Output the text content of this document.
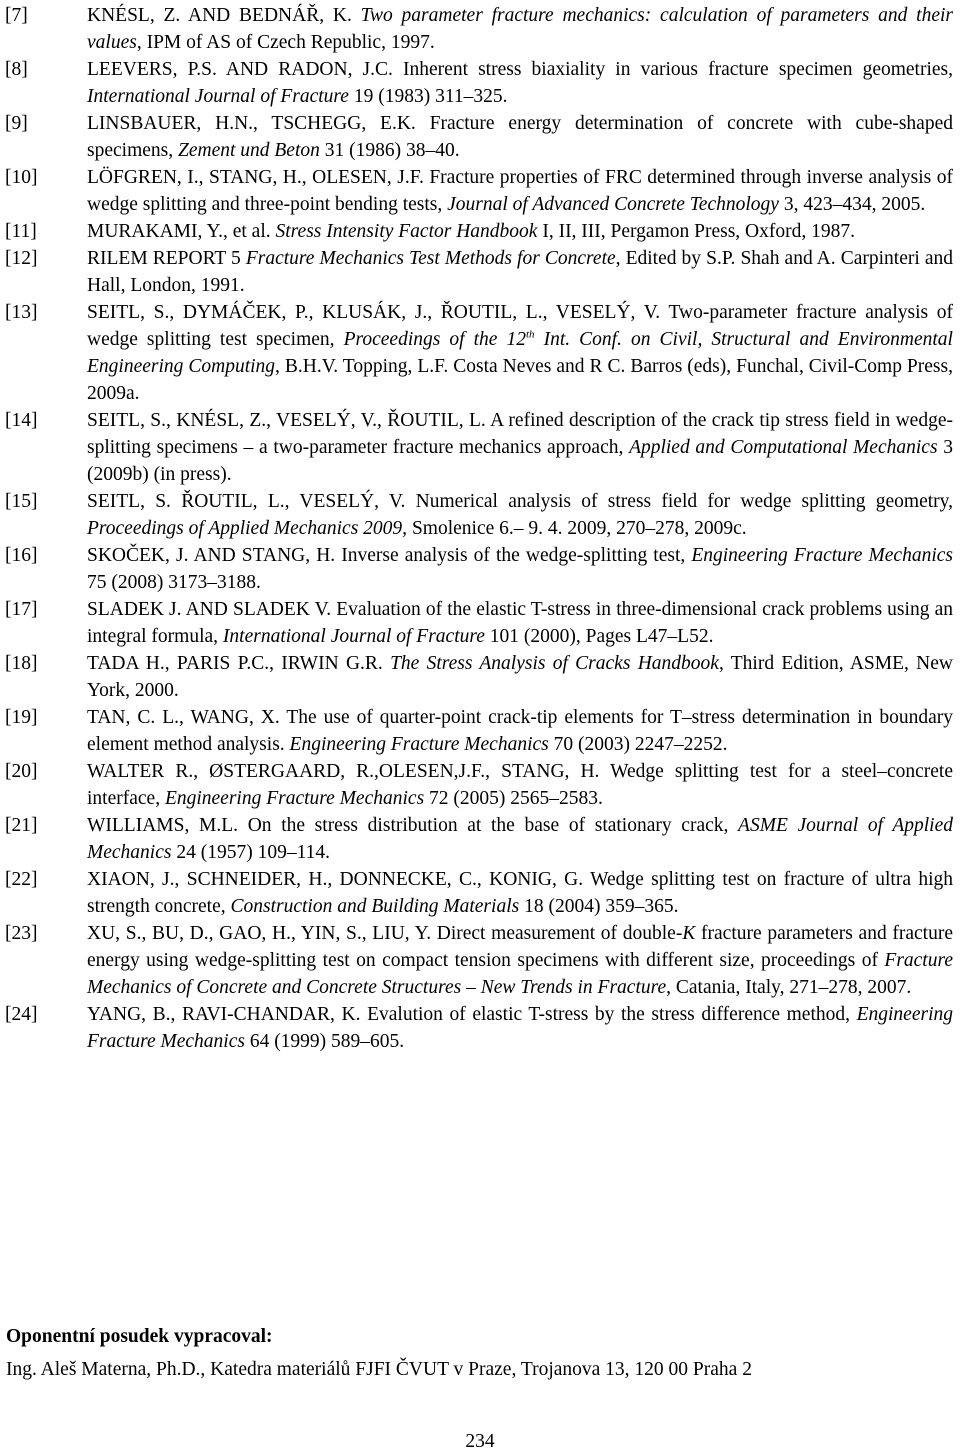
[7]	KNÉSL, Z. AND BEDNÁŘ, K. Two parameter fracture mechanics: calculation of parameters and their values, IPM of AS of Czech Republic, 1997.
[8]	LEEVERS, P.S. AND RADON, J.C. Inherent stress biaxiality in various fracture specimen geometries, International Journal of Fracture 19 (1983) 311–325.
[9]	LINSBAUER, H.N., TSCHEGG, E.K. Fracture energy determination of concrete with cube-shaped specimens, Zement und Beton 31 (1986) 38–40.
[10]	LÖFGREN, I., STANG, H., OLESEN, J.F. Fracture properties of FRC determined through inverse analysis of wedge splitting and three-point bending tests, Journal of Advanced Concrete Technology 3, 423–434, 2005.
[11]	MURAKAMI, Y., et al. Stress Intensity Factor Handbook I, II, III, Pergamon Press, Oxford, 1987.
[12]	RILEM REPORT 5 Fracture Mechanics Test Methods for Concrete, Edited by S.P. Shah and A. Carpinteri and Hall, London, 1991.
[13]	SEITL, S., DYMÁČEK, P., KLUSÁK, J., ŘOUTIL, L., VESELÝ, V. Two-parameter fracture analysis of wedge splitting test specimen, Proceedings of the 12th Int. Conf. on Civil, Structural and Environmental Engineering Computing, B.H.V. Topping, L.F. Costa Neves and R C. Barros (eds), Funchal, Civil-Comp Press, 2009a.
[14]	SEITL, S., KNÉSL, Z., VESELÝ, V., ŘOUTIL, L. A refined description of the crack tip stress field in wedge-splitting specimens – a two-parameter fracture mechanics approach, Applied and Computational Mechanics 3 (2009b) (in press).
[15]	SEITL, S. ŘOUTIL, L., VESELÝ, V. Numerical analysis of stress field for wedge splitting geometry, Proceedings of Applied Mechanics 2009, Smolenice 6.– 9. 4. 2009, 270–278, 2009c.
[16]	SKOČEK, J. AND STANG, H. Inverse analysis of the wedge-splitting test, Engineering Fracture Mechanics 75 (2008) 3173–3188.
[17]	SLADEK J. AND SLADEK V. Evaluation of the elastic T-stress in three-dimensional crack problems using an integral formula, International Journal of Fracture 101 (2000), Pages L47–L52.
[18]	TADA H., PARIS P.C., IRWIN G.R. The Stress Analysis of Cracks Handbook, Third Edition, ASME, New York, 2000.
[19]	TAN, C. L., WANG, X. The use of quarter-point crack-tip elements for T–stress determination in boundary element method analysis. Engineering Fracture Mechanics 70 (2003) 2247–2252.
[20]	WALTER R., ØSTERGAARD, R.,OLESEN,J.F., STANG, H. Wedge splitting test for a steel–concrete interface, Engineering Fracture Mechanics 72 (2005) 2565–2583.
[21]	WILLIAMS, M.L. On the stress distribution at the base of stationary crack, ASME Journal of Applied Mechanics 24 (1957) 109–114.
[22]	XIAON, J., SCHNEIDER, H., DONNECKE, C., KONIG, G. Wedge splitting test on fracture of ultra high strength concrete, Construction and Building Materials 18 (2004) 359–365.
[23]	XU, S., BU, D., GAO, H., YIN, S., LIU, Y. Direct measurement of double-K fracture parameters and fracture energy using wedge-splitting test on compact tension specimens with different size, proceedings of Fracture Mechanics of Concrete and Concrete Structures – New Trends in Fracture, Catania, Italy, 271–278, 2007.
[24]	YANG, B., RAVI-CHANDAR, K. Evalution of elastic T-stress by the stress difference method, Engineering Fracture Mechanics 64 (1999) 589–605.
Oponentní posudek vypracoval:
Ing. Aleš Materna, Ph.D., Katedra materiálů FJFI ČVUT v Praze, Trojanova 13, 120 00 Praha 2
234
